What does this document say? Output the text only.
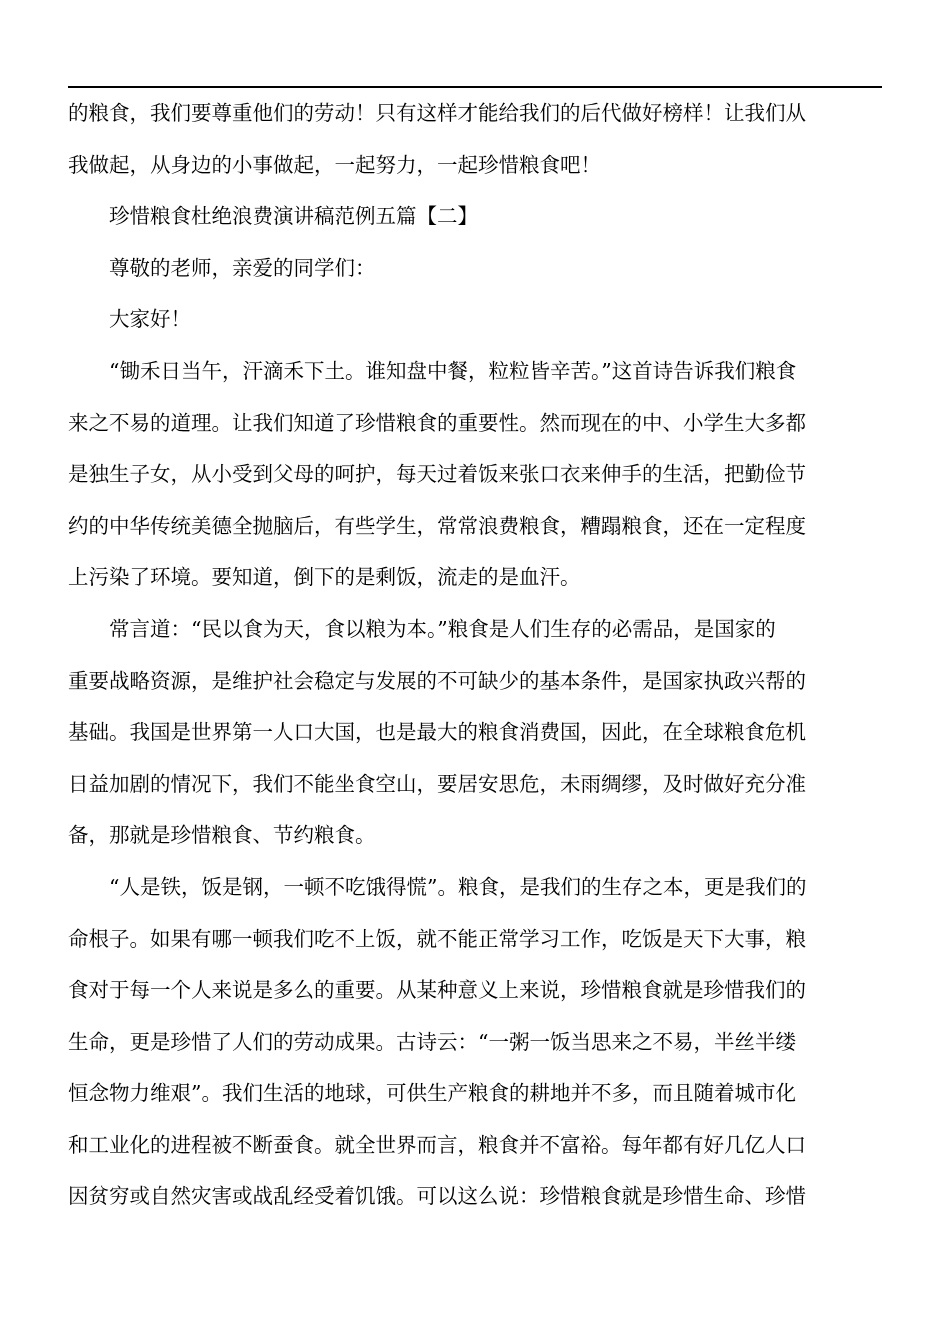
的粮食，我们要尊重他们的劳动！只有这样才能给我们的后代做好榜样！让我们从
我做起，从身边的小事做起，一起努力，一起珍惜粮食吧！

珍惜粮食杜绝浪费演讲稿范例五篇【二】

尊敬的老师，亲爱的同学们：

大家好！

“锄禾日当午，汗滴禾下土。谁知盘中餐，粒粒皆辛苦。”这首诗告诉我们粮食
来之不易的道理。让我们知道了珍惜粮食的重要性。然而现在的中、小学生大多都
是独生子女，从小受到父母的呵护，每天过着饭来张口衣来伸手的生活，把勤俭节
约的中华传统美德全抛脑后，有些学生，常常浪费粮食，糟蹋粮食，还在一定程度
上污染了环境。要知道，倒下的是剩饭，流走的是血汗。

常言道：“民以食为天，食以粮为本。”粮食是人们生存的必需品，是国家的
重要战略资源，是维护社会稳定与发展的不可缺少的基本条件，是国家执政兴帮的
基础。我国是世界第一人口大国，也是最大的粮食消费国，因此，在全球粮食危机
日益加剧的情况下，我们不能坐食空山，要居安思危，未雨绸缪，及时做好充分准
备，那就是珍惜粮食、节约粮食。

“人是铁，饭是钢，一顿不吃饿得慌”。粮食，是我们的生存之本，更是我们的
命根子。如果有哪一顿我们吃不上饭，就不能正常学习工作，吃饭是天下大事，粮
食对于每一个人来说是多么的重要。从某种意义上来说，珍惜粮食就是珍惜我们的
生命，更是珍惜了人们的劳动成果。古诗云：“一粥一饭当思来之不易，半丝半缕
恒念物力维艰”。我们生活的地球，可供生产粮食的耕地并不多，而且随着城市化
和工业化的进程被不断蚕食。就全世界而言，粮食并不富裕。每年都有好几亿人口
因贫穷或自然灾害或战乱经受着饥饿。可以这么说：珍惜粮食就是珍惜生命、珍惜
